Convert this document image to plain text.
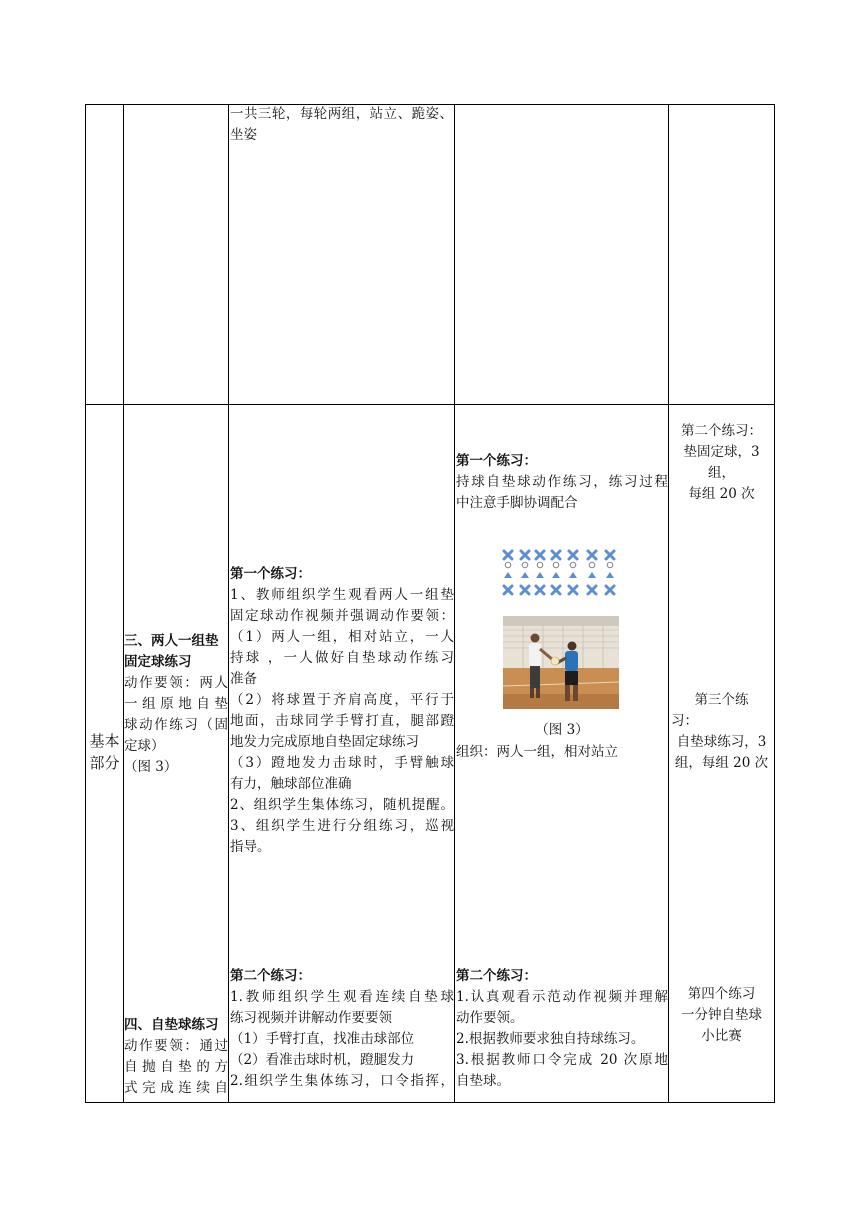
一共三轮，每轮两组，站立、跪姿、
坐姿
基本
部分
三、两人一组垫
固定球练习
动作要领：两人
一组原地自垫
球动作练习（固
定球）
（图 3）
四、自垫球练习
动作要领：通过
自抛自垫的方
式完成连续自
第一个练习：
1、教师组织学生观看两人一组垫
固定球动作视频并强调动作要领：
（1）两人一组，相对站立，一人
持球 ，一人做好自垫球动作练习
准备
（2）将球置于齐肩高度，平行于
地面，击球同学手臂打直，腿部蹬
地发力完成原地自垫固定球练习
（3）蹬地发力击球时，手臂触球
有力，触球部位准确
2、组织学生集体练习，随机提醒。
3、组织学生进行分组练习，巡视
指导。
第二个练习：
1.教师组织学生观看连续自垫球
练习视频并讲解动作要要领
（1）手臂打直，找准击球部位
（2）看准击球时机，蹬腿发力
2.组织学生集体练习，口令指挥，
第一个练习：
持球自垫球动作练习，练习过程
中注意手脚协调配合
（图 3）
组织：两人一组，相对站立
第二个练习：
1.认真观看示范动作视频并理解
动作要领。
2.根据教师要求独自持球练习。
3.根据教师口令完成 20 次原地
自垫球。
第二个练习：
垫固定球，3 组，
每组 20 次
第三个练
习：
自垫球练习，3
组，每组 20 次
第四个练习
一分钟自垫球
小比赛
